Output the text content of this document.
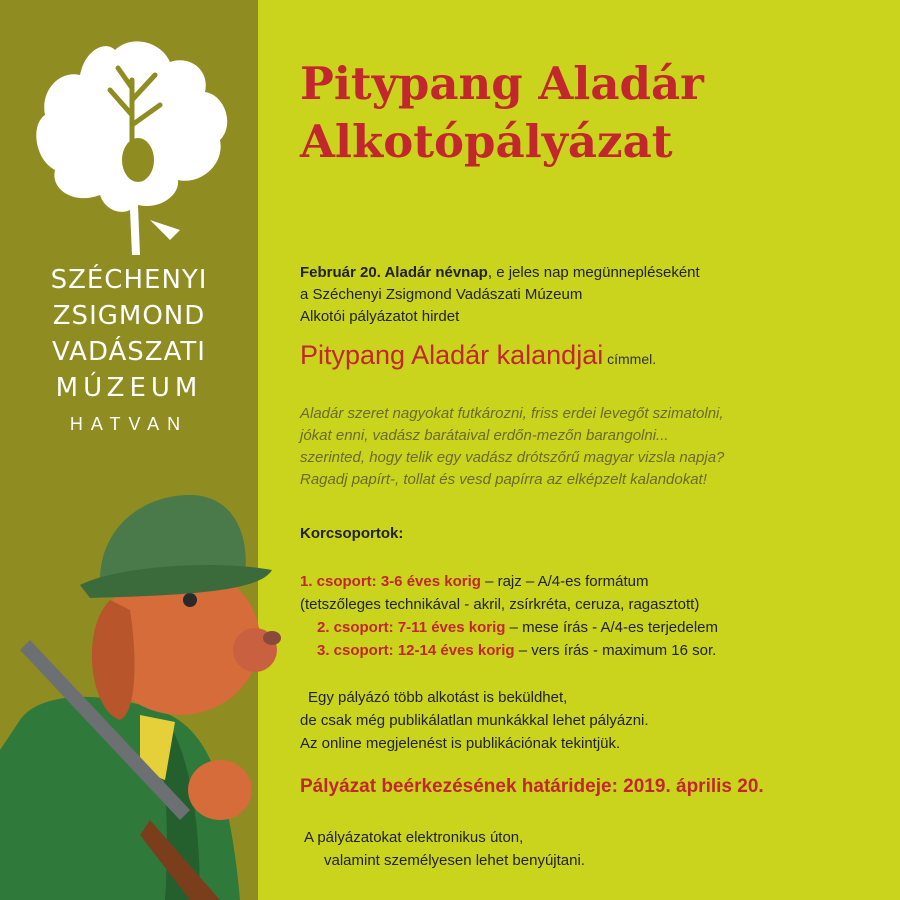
SZÉCHENYI
ZSIGMOND
VADÁSZATI
MÚZEUM
HATVAN
Pitypang Aladár
Alkotópályázat
Február 20. Aladár névnap, e jeles nap megünnepléseként
a Széchenyi Zsigmond Vadászati Múzeum
Alkotói pályázatot hirdet
Pitypang Aladár kalandjai címmel.
Aladár szeret nagyokat futkározni, friss erdei levegőt szimatolni,
jókat enni, vadász barátaival erdőn-mezőn barangolni...
szerinted, hogy telik egy vadász drótszőrű magyar vizsla napja?
Ragadj papírt-, tollat és vesd papírra az elképzelt kalandokat!
Korcsoportok:
1. csoport: 3-6 éves korig – rajz – A/4-es formátum
(tetszőleges technikával - akril, zsírkréta, ceruza, ragasztott)
2. csoport: 7-11 éves korig – mese írás - A/4-es terjedelem
3. csoport: 12-14 éves korig – vers írás - maximum 16 sor.
Egy pályázó több alkotást is beküldhet,
de csak még publikálatlan munkákkal lehet pályázni.
Az online megjelenést is publikációnak tekintjük.
Pályázat beérkezésének határideje: 2019. április 20.
A pályázatokat elektronikus úton,
valamint személyesen lehet benyújtani.
